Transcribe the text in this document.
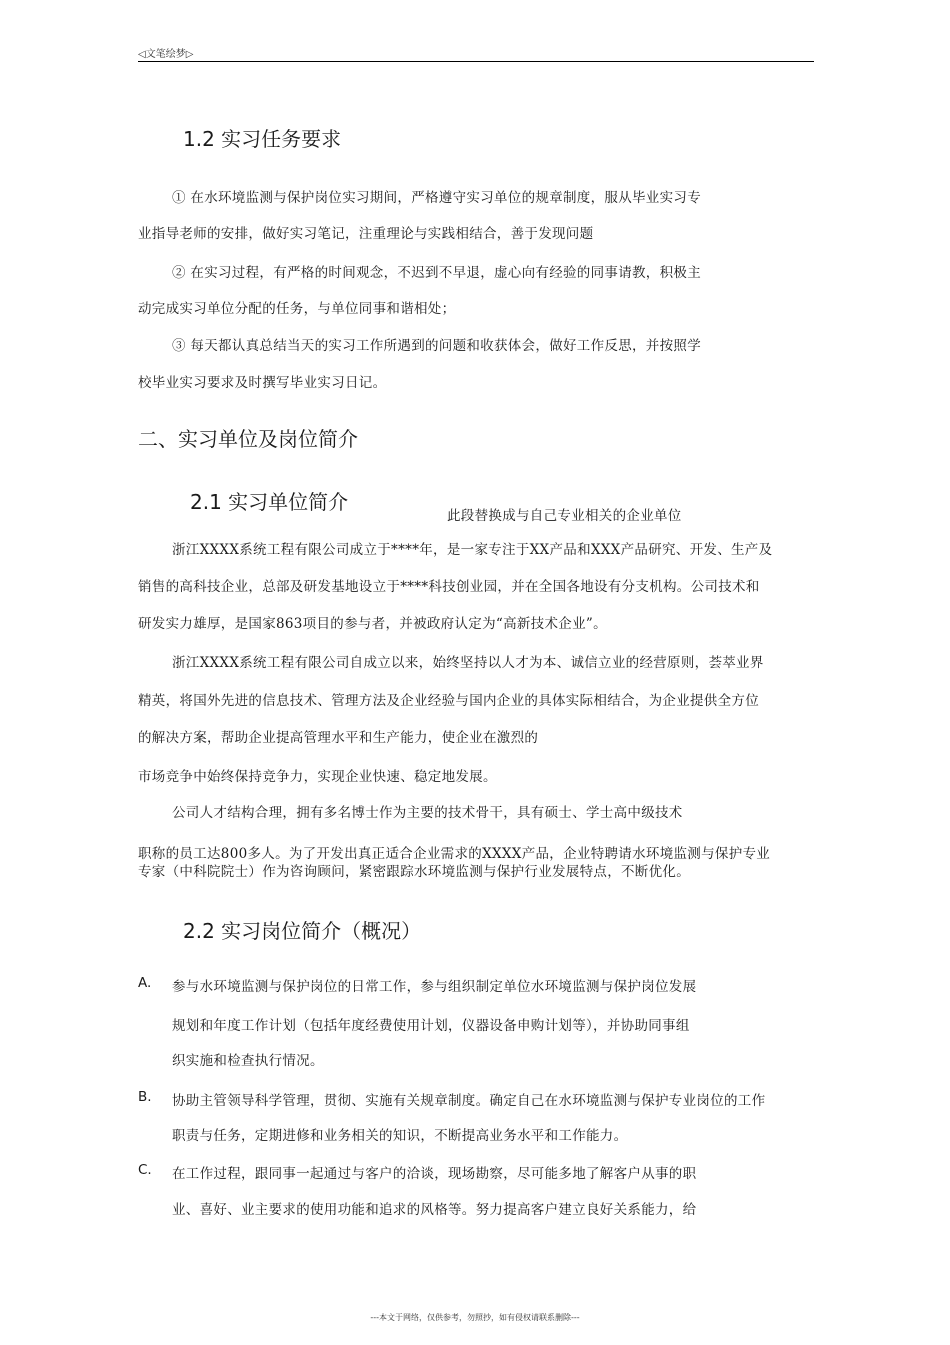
◁文笔绘梦▷
1.2 实习任务要求
① 在水环境监测与保护岗位实习期间，严格遵守实习单位的规章制度，服从毕业实习专
业指导老师的安排，做好实习笔记，注重理论与实践相结合，善于发现问题
② 在实习过程，有严格的时间观念，不迟到不早退，虚心向有经验的同事请教，积极主
动完成实习单位分配的任务，与单位同事和谐相处；
③ 每天都认真总结当天的实习工作所遇到的问题和收获体会，做好工作反思，并按照学
校毕业实习要求及时撰写毕业实习日记。
二、实习单位及岗位简介
2.1 实习单位简介
此段替换成与自己专业相关的企业单位
浙江XXXX系统工程有限公司成立于****年，是一家专注于XX产品和XXX产品研究、开发、生产及
销售的高科技企业，总部及研发基地设立于****科技创业园，并在全国各地设有分支机构。公司技术和
研发实力雄厚，是国家863项目的参与者，并被政府认定为“高新技术企业”。
浙江XXXX系统工程有限公司自成立以来，始终坚持以人才为本、诚信立业的经营原则，荟萃业界
精英，将国外先进的信息技术、管理方法及企业经验与国内企业的具体实际相结合，为企业提供全方位
的解决方案，帮助企业提高管理水平和生产能力，使企业在激烈的
市场竞争中始终保持竞争力，实现企业快速、稳定地发展。
公司人才结构合理，拥有多名博士作为主要的技术骨干，具有硕士、学士高中级技术
职称的员工达800多人。为了开发出真正适合企业需求的XXXX产品，企业特聘请水环境监测与保护专业
专家（中科院院士）作为咨询顾问，紧密跟踪水环境监测与保护行业发展特点，不断优化。
2.2 实习岗位简介（概况）
A. 参与水环境监测与保护岗位的日常工作，参与组织制定单位水环境监测与保护岗位发展
规划和年度工作计划（包括年度经费使用计划，仪器设备申购计划等），并协助同事组
织实施和检查执行情况。
B. 协助主管领导科学管理，贯彻、实施有关规章制度。确定自己在水环境监测与保护专业岗位的工作
职责与任务，定期进修和业务相关的知识，不断提高业务水平和工作能力。
C. 在工作过程，跟同事一起通过与客户的洽谈，现场勘察，尽可能多地了解客户从事的职
业、喜好、业主要求的使用功能和追求的风格等。努力提高客户建立良好关系能力，给
---本文于网络，仅供参考，勿照抄，如有侵权请联系删除---
